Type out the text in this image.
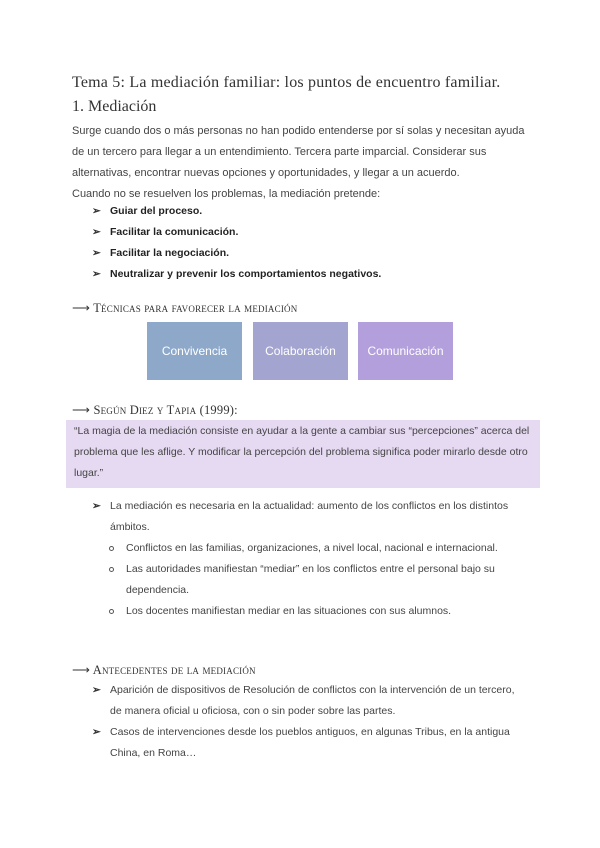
Tema 5: La mediación familiar: los puntos de encuentro familiar.
1. Mediación

Surge cuando dos o más personas no han podido entenderse por sí solas y necesitan ayuda de un tercero para llegar a un entendimiento. Tercera parte imparcial. Considerar sus alternativas, encontrar nuevas opciones y oportunidades, y llegar a un acuerdo.

Cuando no se resuelven los problemas, la mediación pretende:

➢ Guiar del proceso.
➢ Facilitar la comunicación.
➢ Facilitar la negociación.
➢ Neutralizar y prevenir los comportamientos negativos.
⟶ Técnicas para favorecer la mediación
Convivencia	Colaboración	Comunicación
⟶ Según Diez y Tapia (1999):
“La magia de la mediación consiste en ayudar a la gente a cambiar sus “percepciones” acerca del problema que les aflige. Y modificar la percepción del problema significa poder mirarlo desde otro lugar.”
➢ La mediación es necesaria en la actualidad: aumento de los conflictos en los distintos ámbitos.
Conflictos en las familias, organizaciones, a nivel local, nacional e internacional.
Las autoridades manifiestan “mediar” en los conflictos entre el personal bajo su dependencia.
Los docentes manifiestan mediar en las situaciones con sus alumnos.
⟶ Antecedentes de la mediación
➢ Aparición de dispositivos de Resolución de conflictos con la intervención de un tercero, de manera oficial u oficiosa, con o sin poder sobre las partes.
➢ Casos de intervenciones desde los pueblos antiguos, en algunas Tribus, en la antigua China, en Roma…
